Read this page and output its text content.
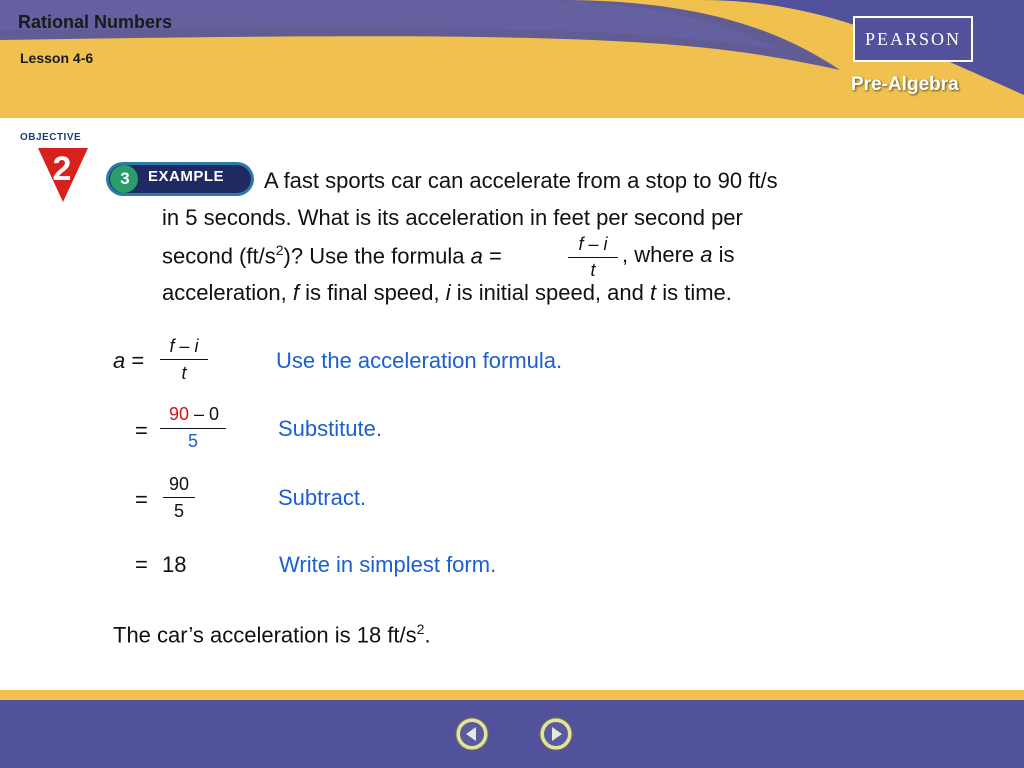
Rational Numbers
Lesson 4-6
PEARSON
Pre-Algebra
OBJECTIVE
2	3	EXAMPLE A fast sports car can accelerate from a stop to 90 ft/s
in 5 seconds. What is its acceleration in feet per second per
second $(ft/s^2)$? Use the formula a =	f – i
t
, where a is
acceleration, f is final speed, i is initial speed, and t is time.
a =
f – i
t	Use the acceleration formula.
=
90 – 0
5	Substitute.
=
90
5
Subtract.
= 18	Write in simplest form.
The car’s acceleration is 18 $ft/s^2$.
